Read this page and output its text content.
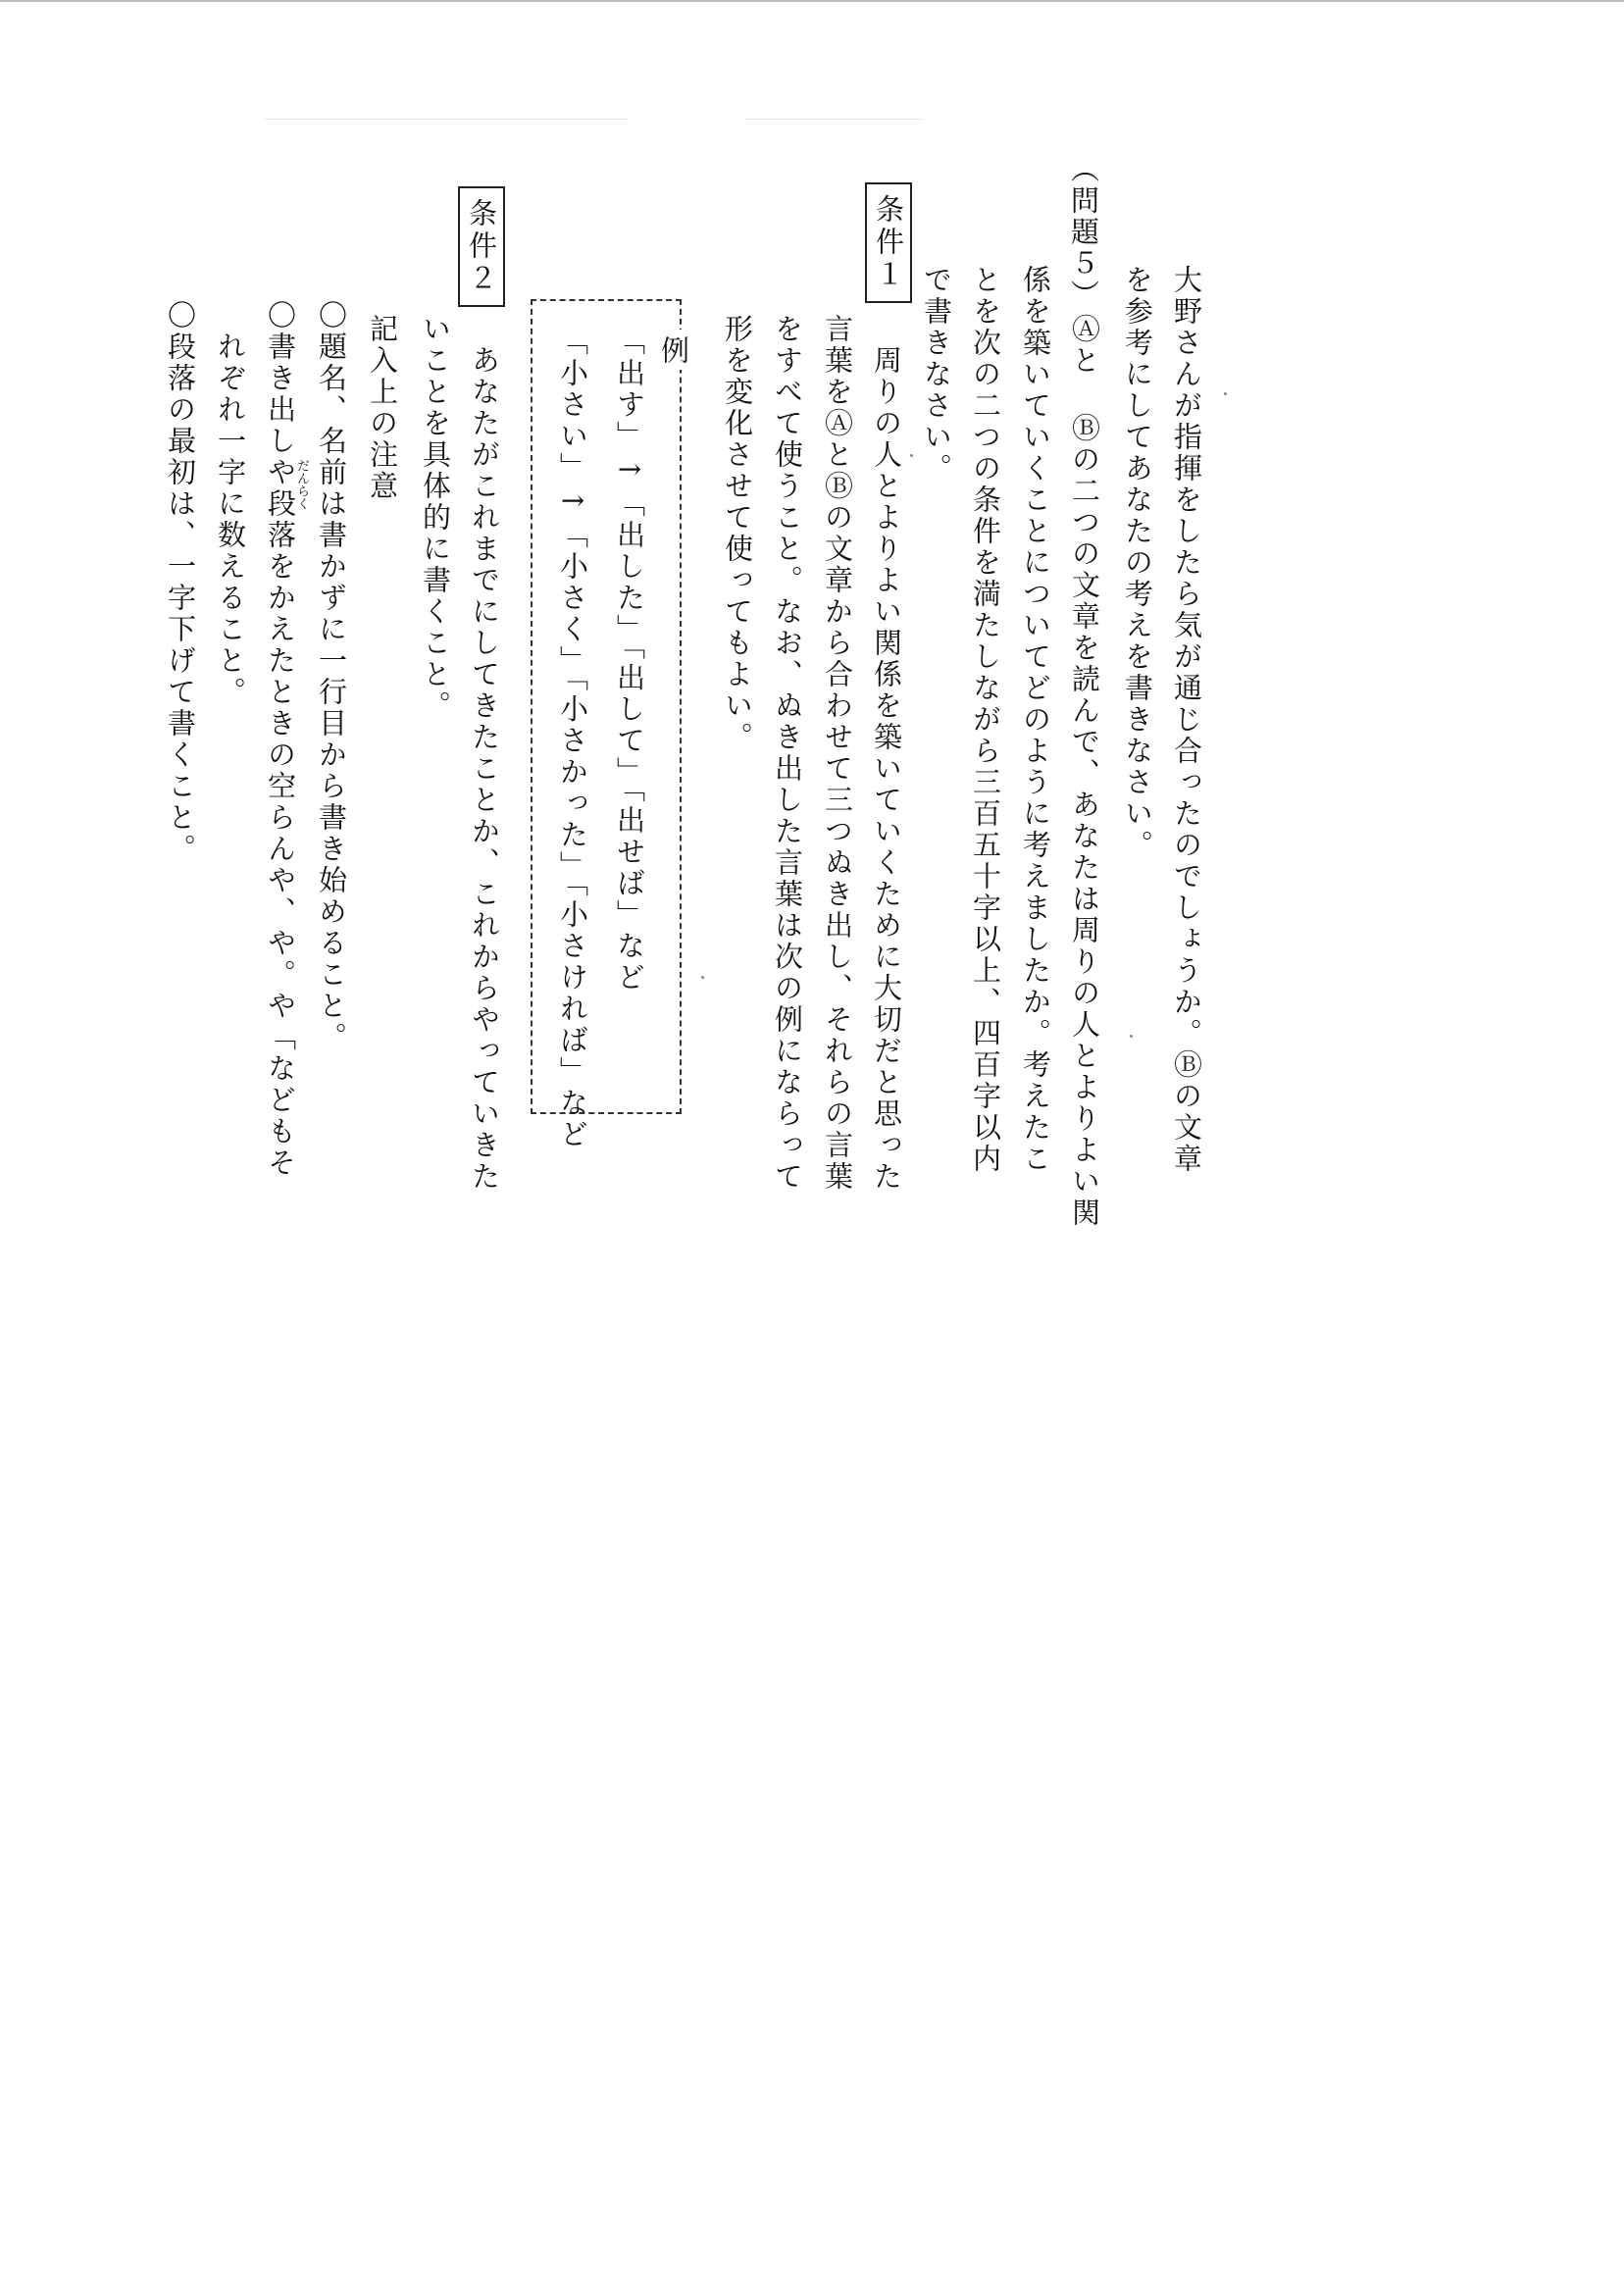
大野さんが指揮をしたら気が通じ合ったのでしょうか。Ⓑの文章
を参考にしてあなたの考えを書きなさい。
（問題５）
Ⓐと Ⓑの二つの文章を読んで、あなたは周りの人とよりよい関
係を築いていくことについてどのように考えましたか。考えたこ
とを次の二つの条件を満たしながら三百五十字以上、四百字以内
で書きなさい。
条件１
　周りの人とよりよい関係を築いていくために大切だと思った
言葉をⒶとⒷの文章から合わせて三つぬき出し、それらの言葉
をすべて使うこと。なお、ぬき出した言葉は次の例にならって
形を変化させて使ってもよい。
例
「出す」→「出した」「出して」「出せば」など
「小さい」→「小さく」「小さかった」「小さければ」など
条件２
　あなたがこれまでにしてきたことか、これからやっていきた
いことを具体的に書くこと。
記入上の注意
〇題名、名前は書かずに一行目から書き始めること。
〇書き出しや段落をかえたときの空らんや、や。や「などもそ
だんらく
　れぞれ一字に数えること。
〇段落の最初は、一字下げて書くこと。
